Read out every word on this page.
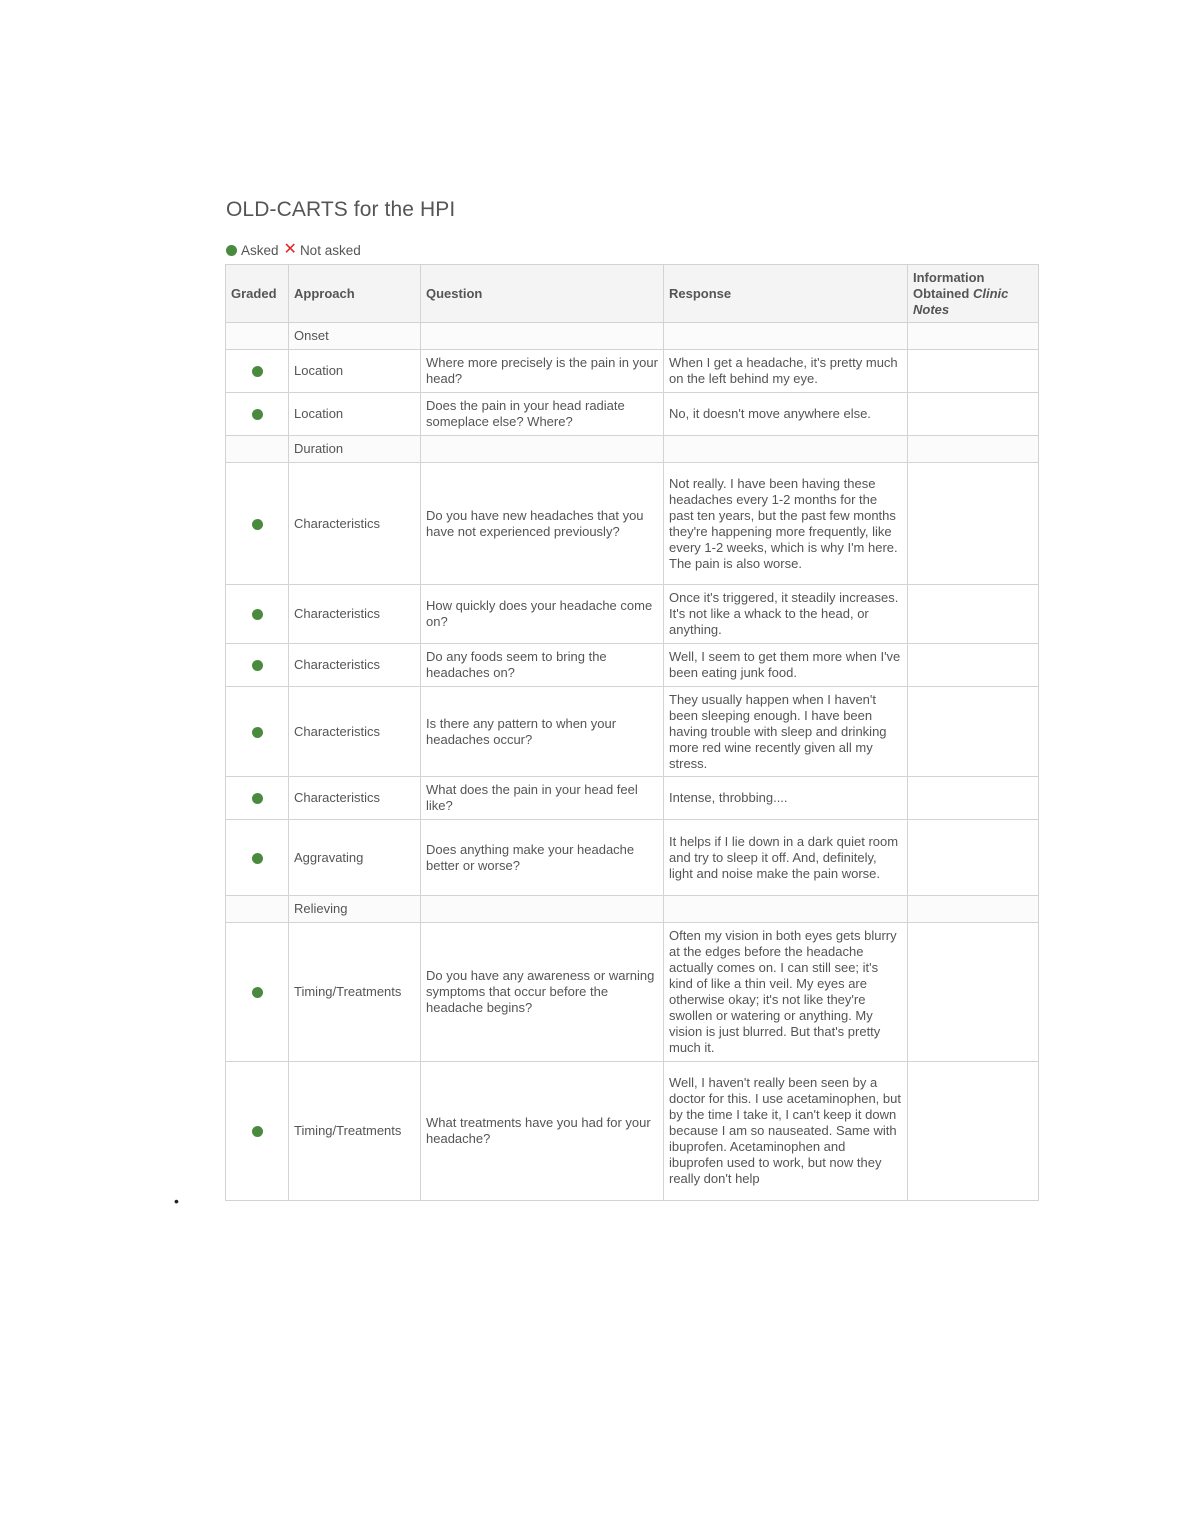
OLD-CARTS for the HPI
Asked ✕ Not asked
Graded	Approach	Question	Response	Information Obtained Clinic Notes
	Onset			
	Location	Where more precisely is the pain in your head?	When I get a headache, it's pretty much on the left behind my eye.	
	Location	Does the pain in your head radiate someplace else? Where?	No, it doesn't move anywhere else.	
	Duration			
	Characteristics	Do you have new headaches that you have not experienced previously?	Not really. I have been having these headaches every 1-2 months for the past ten years, but the past few months they're happening more frequently, like every 1-2 weeks, which is why I'm here. The pain is also worse.	
	Characteristics	How quickly does your headache come on?	Once it's triggered, it steadily increases. It's not like a whack to the head, or anything.	
	Characteristics	Do any foods seem to bring the headaches on?	Well, I seem to get them more when I've been eating junk food.	
	Characteristics	Is there any pattern to when your headaches occur?	They usually happen when I haven't been sleeping enough. I have been having trouble with sleep and drinking more red wine recently given all my stress.	
	Characteristics	What does the pain in your head feel like?	Intense, throbbing....	
	Aggravating	Does anything make your headache better or worse?	It helps if I lie down in a dark quiet room and try to sleep it off. And, definitely, light and noise make the pain worse.	
	Relieving			
	Timing/Treatments	Do you have any awareness or warning symptoms that occur before the headache begins?	Often my vision in both eyes gets blurry at the edges before the headache actually comes on. I can still see; it's kind of like a thin veil. My eyes are otherwise okay; it's not like they're swollen or watering or anything. My vision is just blurred. But that's pretty much it.	
	Timing/Treatments	What treatments have you had for your headache?	Well, I haven't really been seen by a doctor for this. I use acetaminophen, but by the time I take it, I can't keep it down because I am so nauseated. Same with ibuprofen. Acetaminophen and ibuprofen used to work, but now they really don't help	
•
